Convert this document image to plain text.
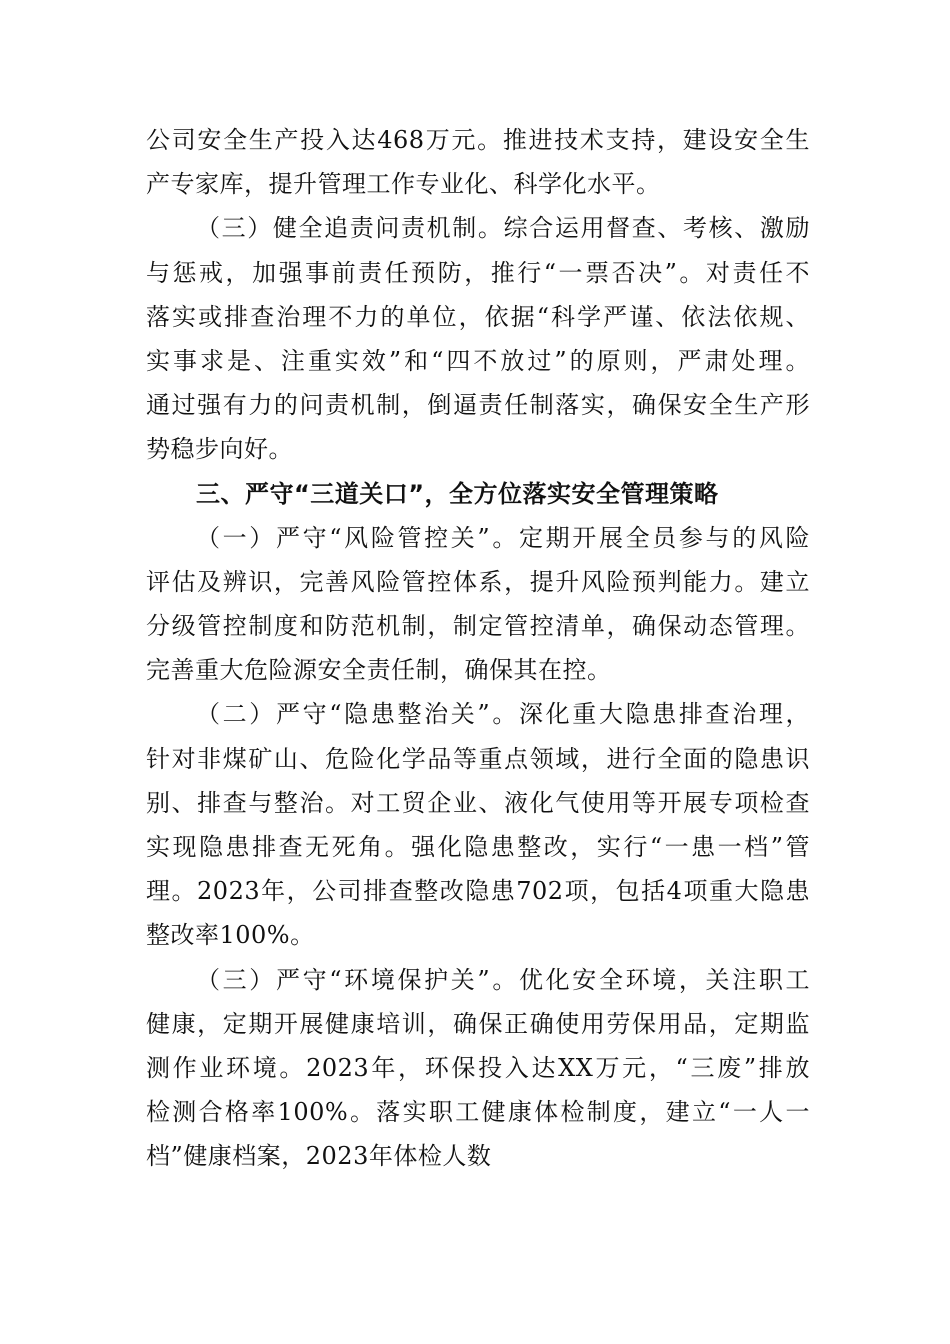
公司安全生产投入达468万元。推进技术支持，建设安全生
产专家库，提升管理工作专业化、科学化水平。
（三）健全追责问责机制。综合运用督查、考核、激励
与惩戒，加强事前责任预防，推行“一票否决”。对责任不
落实或排查治理不力的单位，依据“科学严谨、依法依规、
实事求是、注重实效”和“四不放过”的原则，严肃处理。
通过强有力的问责机制，倒逼责任制落实，确保安全生产形
势稳步向好。
三、严守“三道关口”，全方位落实安全管理策略
（一）严守“风险管控关”。定期开展全员参与的风险
评估及辨识，完善风险管控体系，提升风险预判能力。建立
分级管控制度和防范机制，制定管控清单，确保动态管理。
完善重大危险源安全责任制，确保其在控。
（二）严守“隐患整治关”。深化重大隐患排查治理，
针对非煤矿山、危险化学品等重点领域，进行全面的隐患识
别、排查与整治。对工贸企业、液化气使用等开展专项检查
实现隐患排查无死角。强化隐患整改，实行“一患一档”管
理。2023年，公司排查整改隐患702项，包括4项重大隐患
整改率100%。
（三）严守“环境保护关”。优化安全环境，关注职工
健康，定期开展健康培训，确保正确使用劳保用品，定期监
测作业环境。2023年，环保投入达XX万元，“三废”排放
检测合格率100%。落实职工健康体检制度，建立“一人一
档”健康档案，2023年体检人数
